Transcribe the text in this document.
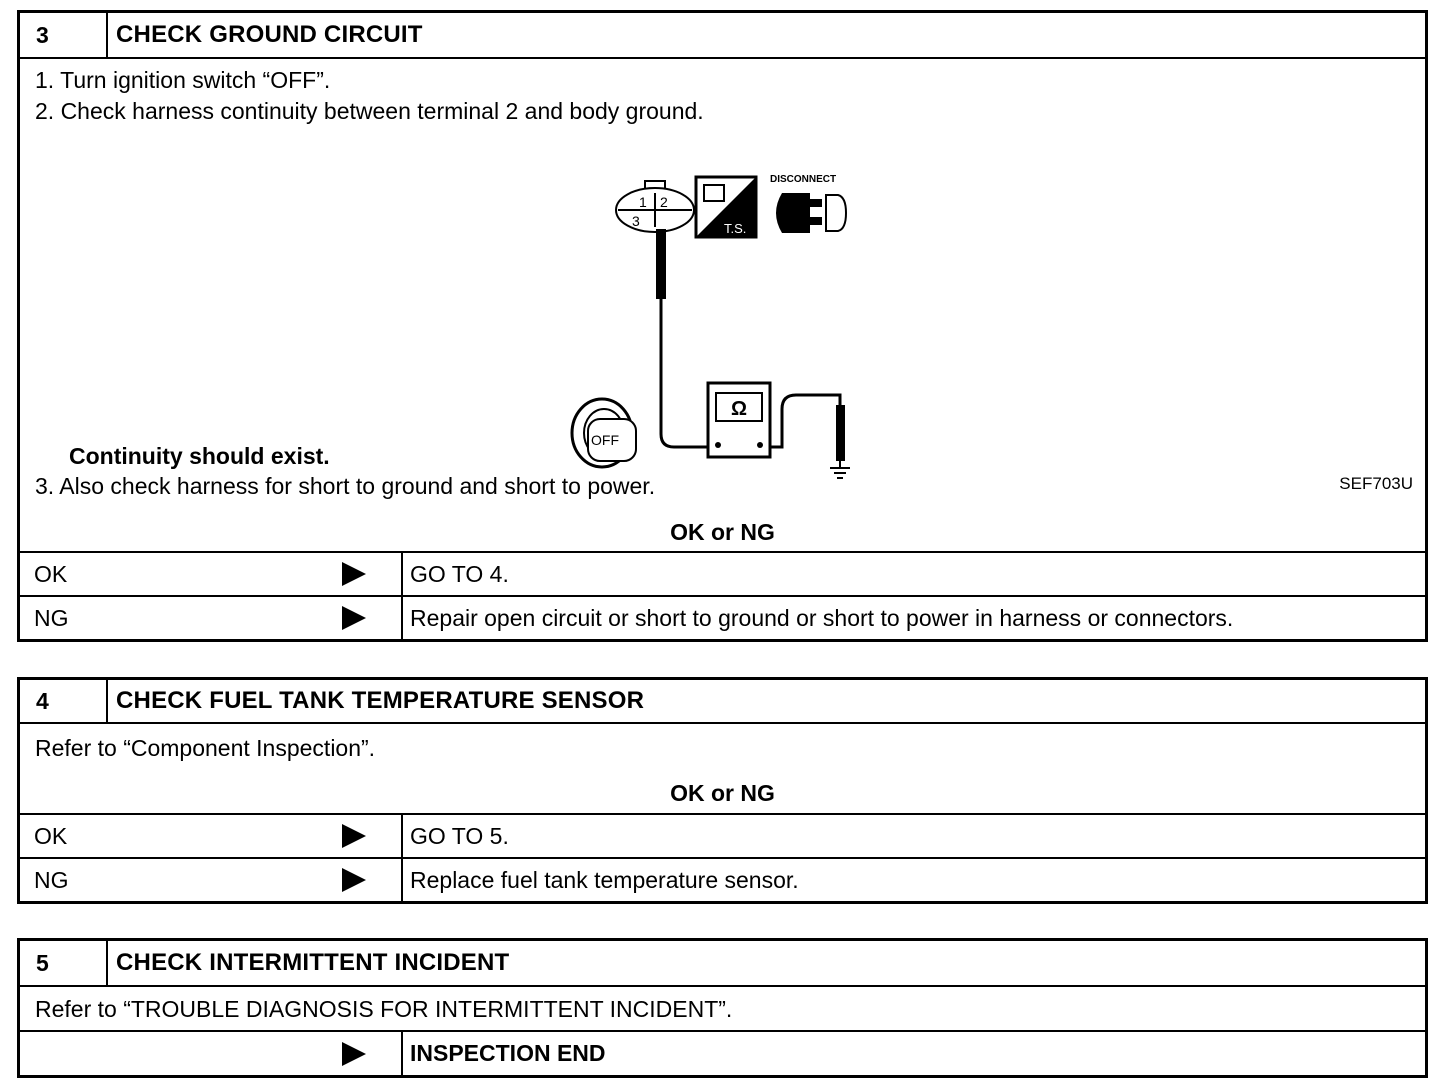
3	CHECK GROUND CIRCUIT
1. Turn ignition switch “OFF”.
2. Check harness continuity between terminal 2 and body ground.
1 2
3	T.S.
DISCONNECT
OFF
Ω
SEF703U
Continuity should exist.
3. Also check harness for short to ground and short to power.
OK or NG
OK	GO TO 4.
NG	Repair open circuit or short to ground or short to power in harness or connectors.
4	CHECK FUEL TANK TEMPERATURE SENSOR
Refer to “Component Inspection”.
OK or NG
OK	GO TO 5.
NG	Replace fuel tank temperature sensor.
5	CHECK INTERMITTENT INCIDENT
Refer to “TROUBLE DIAGNOSIS FOR INTERMITTENT INCIDENT”.
INSPECTION END
